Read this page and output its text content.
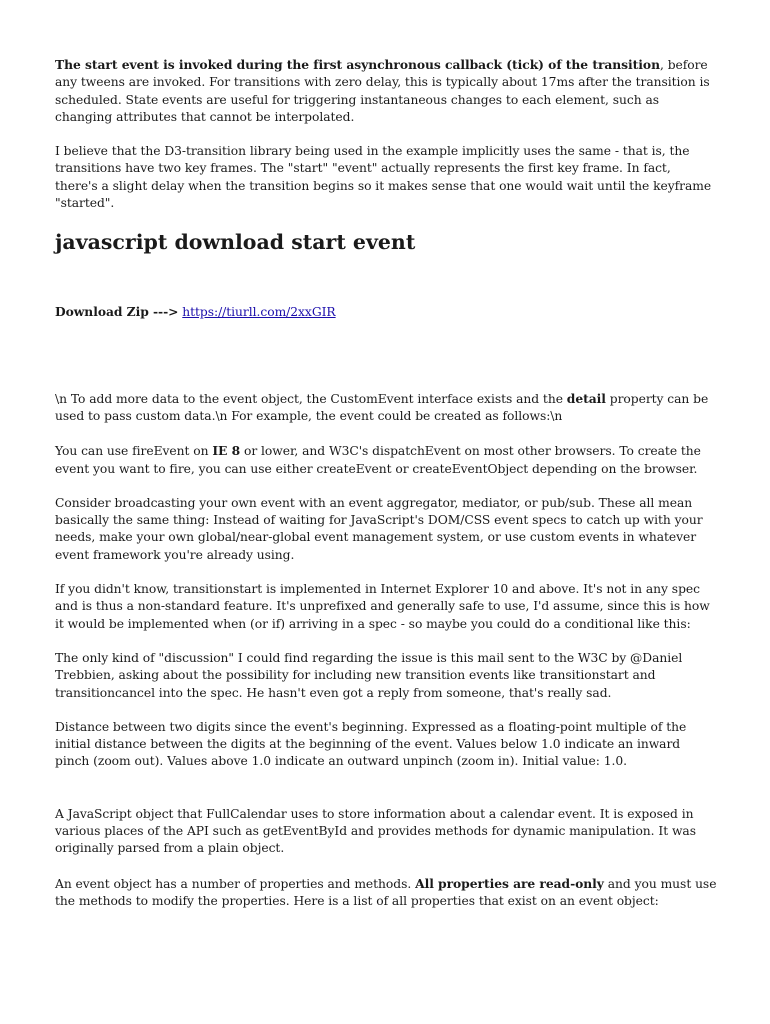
The start event is invoked during the first asynchronous callback (tick) of the transition, before any tweens are invoked. For transitions with zero delay, this is typically about 17ms after the transition is scheduled. State events are useful for triggering instantaneous changes to each element, such as changing attributes that cannot be interpolated.

I believe that the D3-transition library being used in the example implicitly uses the same - that is, the transitions have two key frames. The "start" "event" actually represents the first key frame. In fact, there's a slight delay when the transition begins so it makes sense that one would wait until the keyframe "started".

javascript download start event

Download Zip ---> https://tiurll.com/2xxGIR

\n To add more data to the event object, the CustomEvent interface exists and the detail property can be used to pass custom data.\n For example, the event could be created as follows:\n

You can use fireEvent on IE 8 or lower, and W3C's dispatchEvent on most other browsers. To create the event you want to fire, you can use either createEvent or createEventObject depending on the browser.

Consider broadcasting your own event with an event aggregator, mediator, or pub/sub. These all mean basically the same thing: Instead of waiting for JavaScript's DOM/CSS event specs to catch up with your needs, make your own global/near-global event management system, or use custom events in whatever event framework you're already using.

If you didn't know, transitionstart is implemented in Internet Explorer 10 and above. It's not in any spec and is thus a non-standard feature. It's unprefixed and generally safe to use, I'd assume, since this is how it would be implemented when (or if) arriving in a spec - so maybe you could do a conditional like this:

The only kind of "discussion" I could find regarding the issue is this mail sent to the W3C by @Daniel Trebbien, asking about the possibility for including new transition events like transitionstart and transitioncancel into the spec. He hasn't even got a reply from someone, that's really sad.

Distance between two digits since the event's beginning. Expressed as a floating-point multiple of the initial distance between the digits at the beginning of the event. Values below 1.0 indicate an inward pinch (zoom out). Values above 1.0 indicate an outward unpinch (zoom in). Initial value: 1.0.

A JavaScript object that FullCalendar uses to store information about a calendar event. It is exposed in various places of the API such as getEventById and provides methods for dynamic manipulation. It was originally parsed from a plain object.

An event object has a number of properties and methods. All properties are read-only and you must use the methods to modify the properties. Here is a list of all properties that exist on an event object:
